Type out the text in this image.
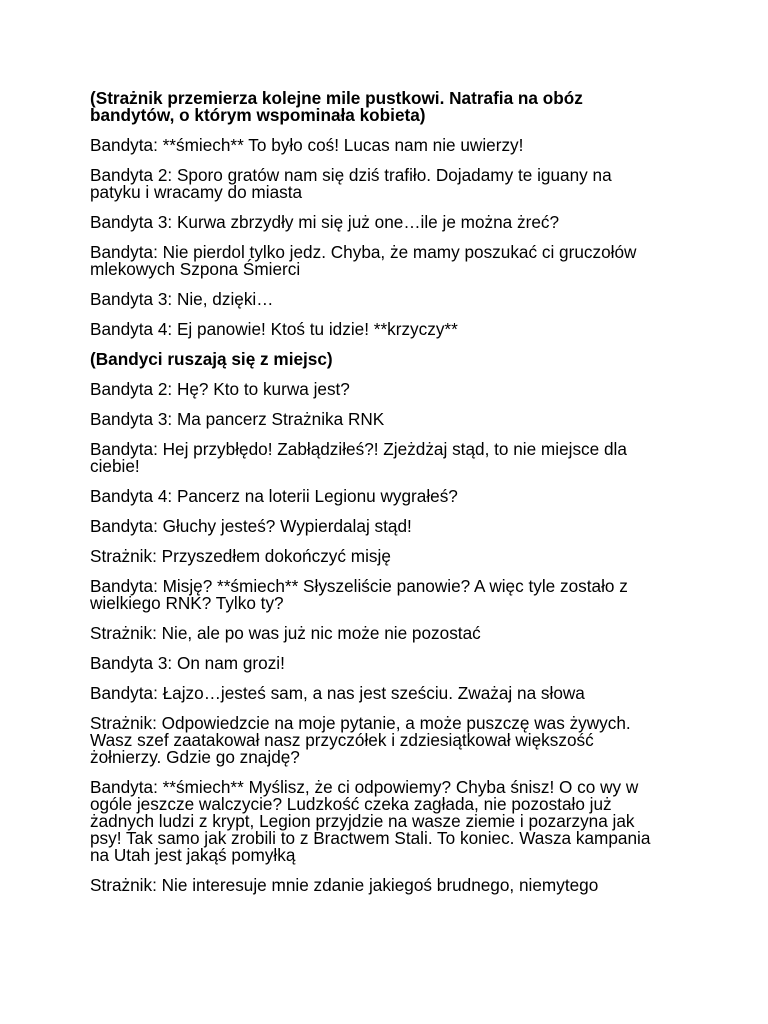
(Strażnik przemierza kolejne mile pustkowi. Natrafia na obóz
bandytów, o którym wspominała kobieta)

Bandyta: **śmiech** To było coś! Lucas nam nie uwierzy!

Bandyta 2: Sporo gratów nam się dziś trafiło. Dojadamy te iguany na
patyku i wracamy do miasta

Bandyta 3: Kurwa zbrzydły mi się już one…ile je można żreć?

Bandyta: Nie pierdol tylko jedz. Chyba, że mamy poszukać ci gruczołów
mlekowych Szpona Śmierci

Bandyta 3: Nie, dzięki…

Bandyta 4: Ej panowie! Ktoś tu idzie! **krzyczy**

(Bandyci ruszają się z miejsc)

Bandyta 2: Hę? Kto to kurwa jest?

Bandyta 3: Ma pancerz Strażnika RNK

Bandyta: Hej przybłędo! Zabłądziłeś?! Zjeżdżaj stąd, to nie miejsce dla
ciebie!

Bandyta 4: Pancerz na loterii Legionu wygrałeś?

Bandyta: Głuchy jesteś? Wypierdalaj stąd!

Strażnik: Przyszedłem dokończyć misję

Bandyta: Misję? **śmiech** Słyszeliście panowie? A więc tyle zostało z
wielkiego RNK? Tylko ty?

Strażnik: Nie, ale po was już nic może nie pozostać

Bandyta 3: On nam grozi!

Bandyta: Łajzo…jesteś sam, a nas jest sześciu. Zważaj na słowa

Strażnik: Odpowiedzcie na moje pytanie, a może puszczę was żywych.
Wasz szef zaatakował nasz przyczółek i zdziesiątkował większość
żołnierzy. Gdzie go znajdę?

Bandyta: **śmiech** Myślisz, że ci odpowiemy? Chyba śnisz! O co wy w
ogóle jeszcze walczycie? Ludzkość czeka zagłada, nie pozostało już
żadnych ludzi z krypt, Legion przyjdzie na wasze ziemie i pozarzyna jak
psy! Tak samo jak zrobili to z Bractwem Stali. To koniec. Wasza kampania
na Utah jest jakąś pomyłką

Strażnik: Nie interesuje mnie zdanie jakiegoś brudnego, niemytego
